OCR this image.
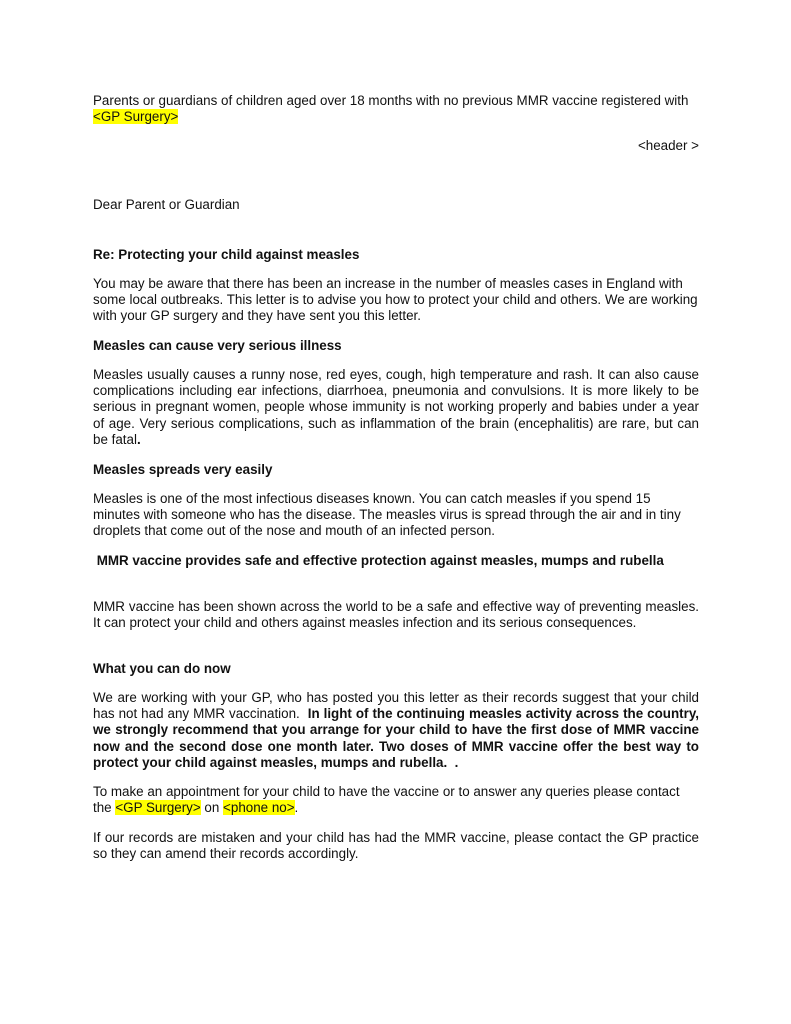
Parents or guardians of children aged over 18 months with no previous MMR vaccine registered with <GP Surgery>

<header >

Dear Parent or Guardian

Re: Protecting your child against measles

You may be aware that there has been an increase in the number of measles cases in England with some local outbreaks. This letter is to advise you how to protect your child and others. We are working with your GP surgery and they have sent you this letter.

Measles can cause very serious illness

Measles usually causes a runny nose, red eyes, cough, high temperature and rash. It can also cause complications including ear infections, diarrhoea, pneumonia and convulsions. It is more likely to be serious in pregnant women, people whose immunity is not working properly and babies under a year of age. Very serious complications, such as inflammation of the brain (encephalitis) are rare, but can be fatal.

Measles spreads very easily

Measles is one of the most infectious diseases known. You can catch measles if you spend 15 minutes with someone who has the disease. The measles virus is spread through the air and in tiny droplets that come out of the nose and mouth of an infected person.

MMR vaccine provides safe and effective protection against measles, mumps and rubella

MMR vaccine has been shown across the world to be a safe and effective way of preventing measles. It can protect your child and others against measles infection and its serious consequences.

What you can do now

We are working with your GP, who has posted you this letter as their records suggest that your child has not had any MMR vaccination.  In light of the continuing measles activity across the country, we strongly recommend that you arrange for your child to have the first dose of MMR vaccine now and the second dose one month later. Two doses of MMR vaccine offer the best way to protect your child against measles, mumps and rubella.  .

To make an appointment for your child to have the vaccine or to answer any queries please contact the <GP Surgery> on <phone no>.

If our records are mistaken and your child has had the MMR vaccine, please contact the GP practice so they can amend their records accordingly.
